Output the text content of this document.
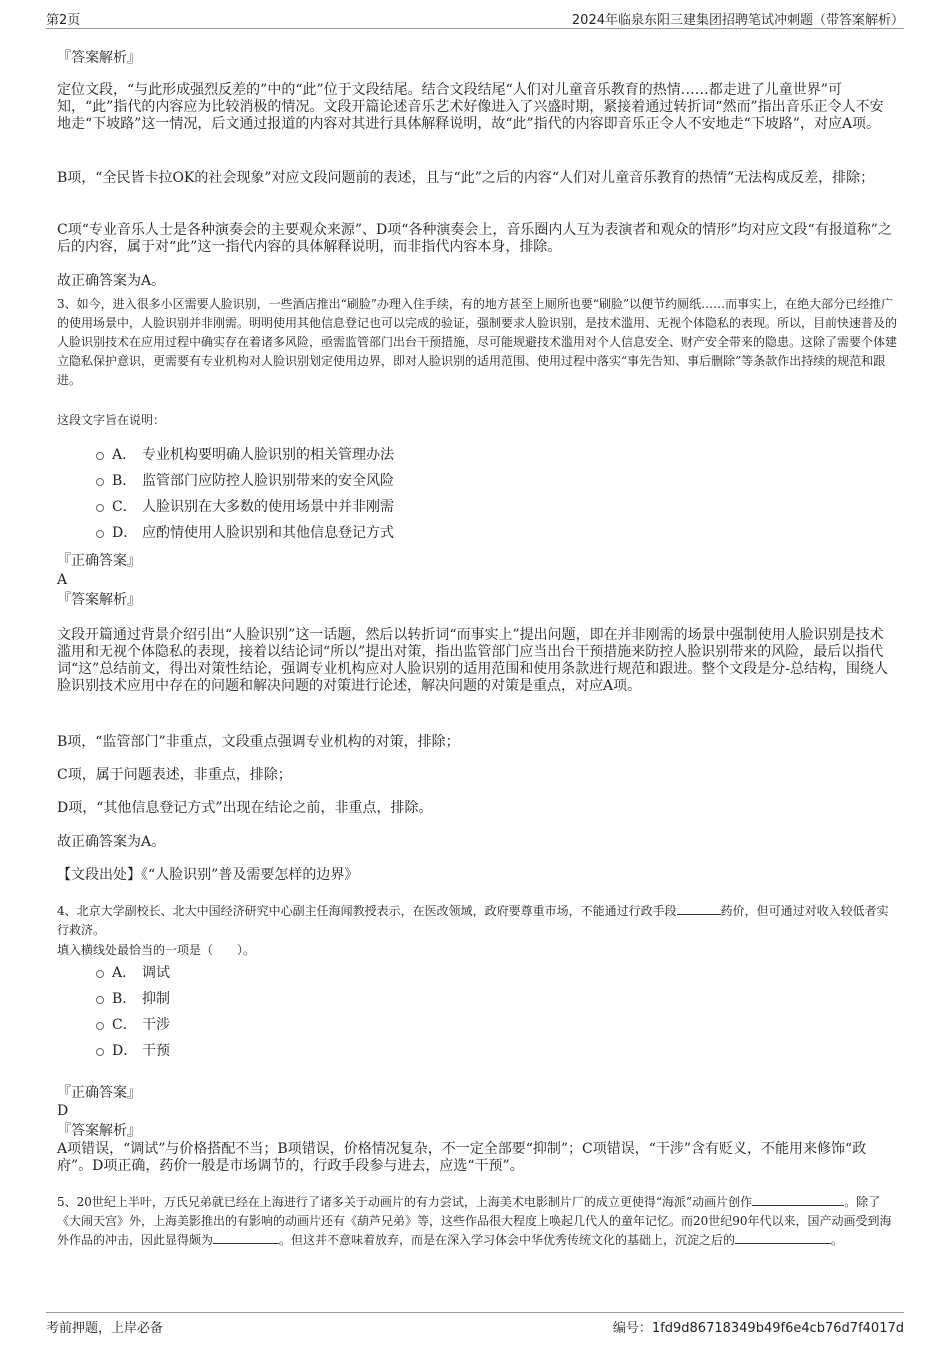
第2页	2024年临泉东阳三建集团招聘笔试冲刺题（带答案解析）
『答案解析』
定位文段，“与此形成强烈反差的”中的“此”位于文段结尾。结合文段结尾“人们对儿童音乐教育的热情……都走进了儿童世界”可知，“此”指代的内容应为比较消极的情况。文段开篇论述音乐艺术好像进入了兴盛时期，紧接着通过转折词“然而”指出音乐正令人不安地走“下坡路”这一情况，后文通过报道的内容对其进行具体解释说明，故“此”指代的内容即音乐正令人不安地走“下坡路”，对应A项。
B项，“全民皆卡拉OK的社会现象”对应文段问题前的表述，且与“此”之后的内容“人们对儿童音乐教育的热情”无法构成反差，排除；
C项“专业音乐人士是各种演奏会的主要观众来源”、D项“各种演奏会上，音乐圈内人互为表演者和观众的情形”均对应文段“有报道称”之后的内容，属于对“此”这一指代内容的具体解释说明，而非指代内容本身，排除。
故正确答案为A。
3、如今，进入很多小区需要人脸识别，一些酒店推出“刷脸”办理入住手续，有的地方甚至上厕所也要“刷脸”以便节约厕纸……而事实上，在绝大部分已经推广的使用场景中，人脸识别并非刚需。明明使用其他信息登记也可以完成的验证，强制要求人脸识别，是技术滥用、无视个体隐私的表现。所以，目前快速普及的人脸识别技术在应用过程中确实存在着诸多风险，亟需监管部门出台干预措施，尽可能规避技术滥用对个人信息安全、财产安全带来的隐患。这除了需要个体建立隐私保护意识，更需要有专业机构对人脸识别划定使用边界，即对人脸识别的适用范围、使用过程中落实“事先告知、事后删除”等条款作出持续的规范和跟进。
这段文字旨在说明：
A． 专业机构要明确人脸识别的相关管理办法
B． 监管部门应防控人脸识别带来的安全风险
C． 人脸识别在大多数的使用场景中并非刚需
D． 应酌情使用人脸识别和其他信息登记方式
『正确答案』
A
『答案解析』
文段开篇通过背景介绍引出“人脸识别”这一话题，然后以转折词“而事实上”提出问题，即在并非刚需的场景中强制使用人脸识别是技术滥用和无视个体隐私的表现，接着以结论词“所以”提出对策，指出监管部门应当出台干预措施来防控人脸识别带来的风险，最后以指代词“这”总结前文，得出对策性结论，强调专业机构应对人脸识别的适用范围和使用条款进行规范和跟进。整个文段是分-总结构，围绕人脸识别技术应用中存在的问题和解决问题的对策进行论述，解决问题的对策是重点，对应A项。
B项，“监管部门”非重点，文段重点强调专业机构的对策，排除；
C项，属于问题表述，非重点，排除；
D项，“其他信息登记方式”出现在结论之前，非重点，排除。
故正确答案为A。
【文段出处】《“人脸识别”普及需要怎样的边界》
4、北京大学副校长、北大中国经济研究中心副主任海闻教授表示，在医改领域，政府要尊重市场，不能通过行政手段	药价，但可通过对收入较低者实行救济。
填入横线处最恰当的一项是（　　）。
A． 调试
B． 抑制
C． 干涉
D． 干预
『正确答案』
D
『答案解析』
A项错误，“调试”与价格搭配不当；B项错误，价格情况复杂，不一定全部要“抑制”；C项错误，“干涉”含有贬义，不能用来修饰“政府”。D项正确，药价一般是市场调节的，行政手段参与进去，应选“干预”。
5、20世纪上半叶，万氏兄弟就已经在上海进行了诸多关于动画片的有力尝试，上海美术电影制片厂的成立更使得“海派”动画片创作	。除了《大闹天宫》外，上海美影推出的有影响的动画片还有《葫芦兄弟》等，这些作品很大程度上唤起几代人的童年记忆。而20世纪90年代以来，国产动画受到海外作品的冲击，因此显得颇为	。但这并不意味着放弃，而是在深入学习体会中华优秀传统文化的基础上，沉淀之后的	。
考前押题，上岸必备	编号：1fd9d86718349b49f6e4cb76d7f4017d
